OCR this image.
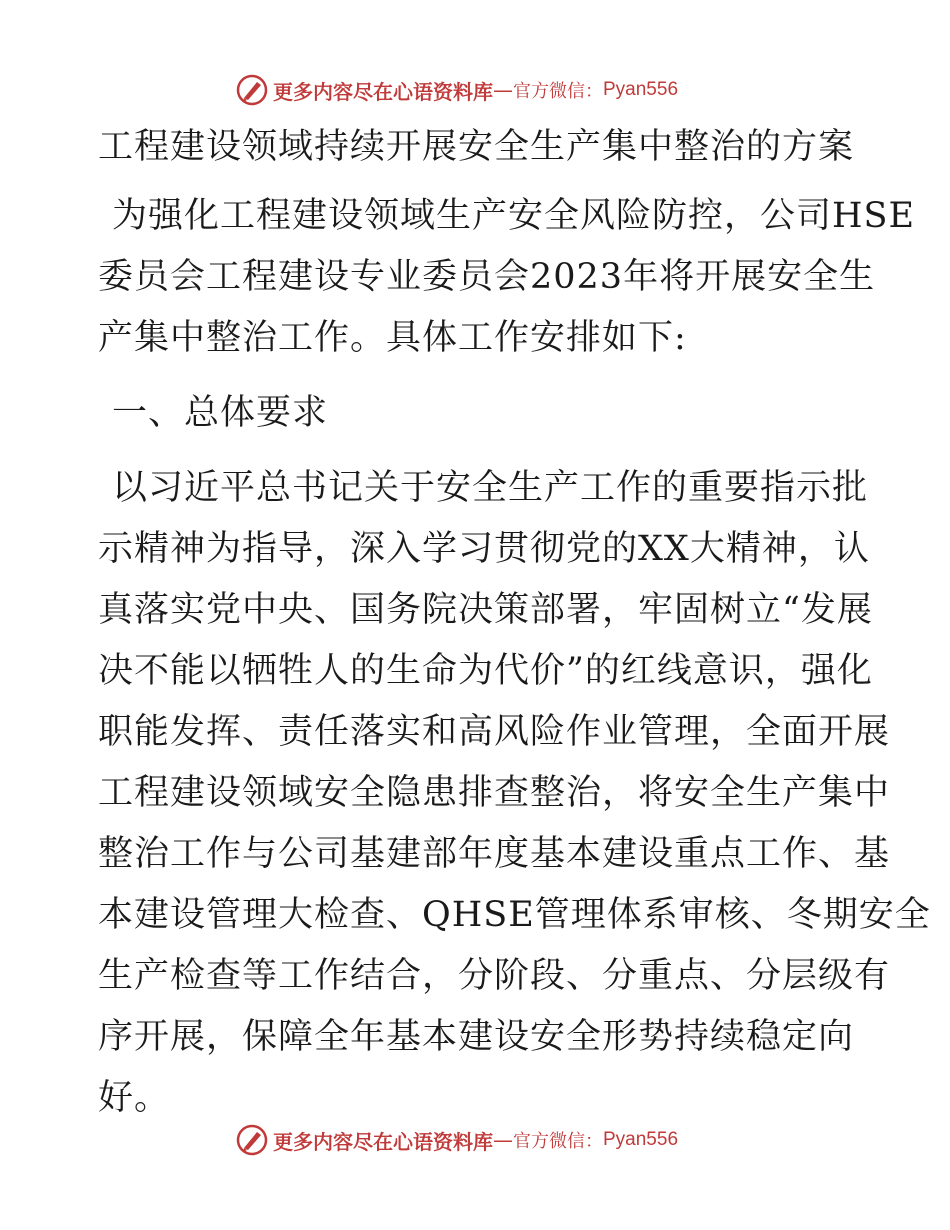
更多内容尽在心语资料库 — 官方微信： Pyan556
工程建设领域持续开展安全生产集中整治的方案
为强化工程建设领域生产安全风险防控，公司HSE
委员会工程建设专业委员会2023年将开展安全生
产集中整治工作。具体工作安排如下:
一、总体要求
以习近平总书记关于安全生产工作的重要指示批
示精神为指导，深入学习贯彻党的XX大精神，认
真落实党中央、国务院决策部署，牢固树立“发展
决不能以牺牲人的生命为代价”的红线意识，强化
职能发挥、责任落实和高风险作业管理，全面开展
工程建设领域安全隐患排查整治，将安全生产集中
整治工作与公司基建部年度基本建设重点工作、基
本建设管理大检查、QHSE管理体系审核、冬期安全
生产检查等工作结合，分阶段、分重点、分层级有
序开展，保障全年基本建设安全形势持续稳定向
好。
更多内容尽在心语资料库 — 官方微信： Pyan556
